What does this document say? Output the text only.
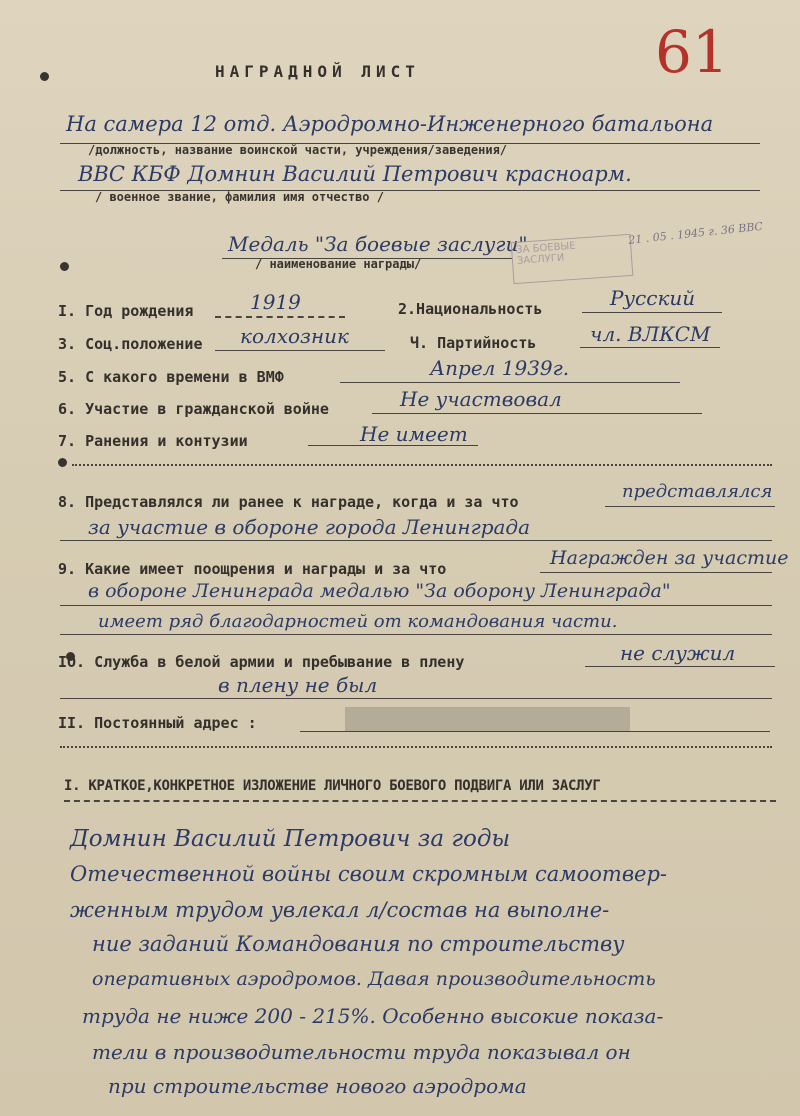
НАГРАДНОЙ ЛИСТ	61
На самера 12 отд. Аэродромно-Инженерного батальона
/должность, название воинской части, учреждения/заведения/
ВВС КБФ Домнин Василий Петрович красноарм.
/ военное звание, фамилия имя отчество /
Медаль "За боевые заслуги"
/ наименование награды/
ЗА БОЕВЫЕ ЗАСЛУГИ
21 . 05 . 1945 г. 36 ВВС
I. Год рождения	1919	2.Национальность	Русский
3. Соц.положение колхозник	Ч. Партийность	чл. ВЛКСМ
5. С какого времени в ВМФ	Апрел 1939г.
6. Участие в гражданской войне	Не участвовал
7. Ранения и контузии	Не имеет
8. Представлялся ли ранее к награде, когда и за что	представлялся
за участие в обороне города Ленинграда
9. Какие имеет поощрения и награды и за что	Награжден за участие
в обороне Ленинграда медалью "За оборону Ленинграда"
имеет ряд благодарностей от командования части.
IO. Служба в белой армии и пребывание в плену	не служил
в плену не был
II. Постоянный адрес :
I. КРАТКОЕ,КОНКРЕТНОЕ ИЗЛОЖЕНИЕ ЛИЧНОГО БОЕВОГО ПОДВИГА ИЛИ ЗАСЛУГ
Домнин Василий Петрович за годы
Отечественной войны своим скромным самоотвер-
женным трудом увлекал л/состав на выполне-
ние заданий Командования по строительству
оперативных аэродромов. Давая производительность
труда не ниже 200 - 215%. Особенно высокие показа-
тели в производительности труда показывал он
при строительстве нового аэродрома
